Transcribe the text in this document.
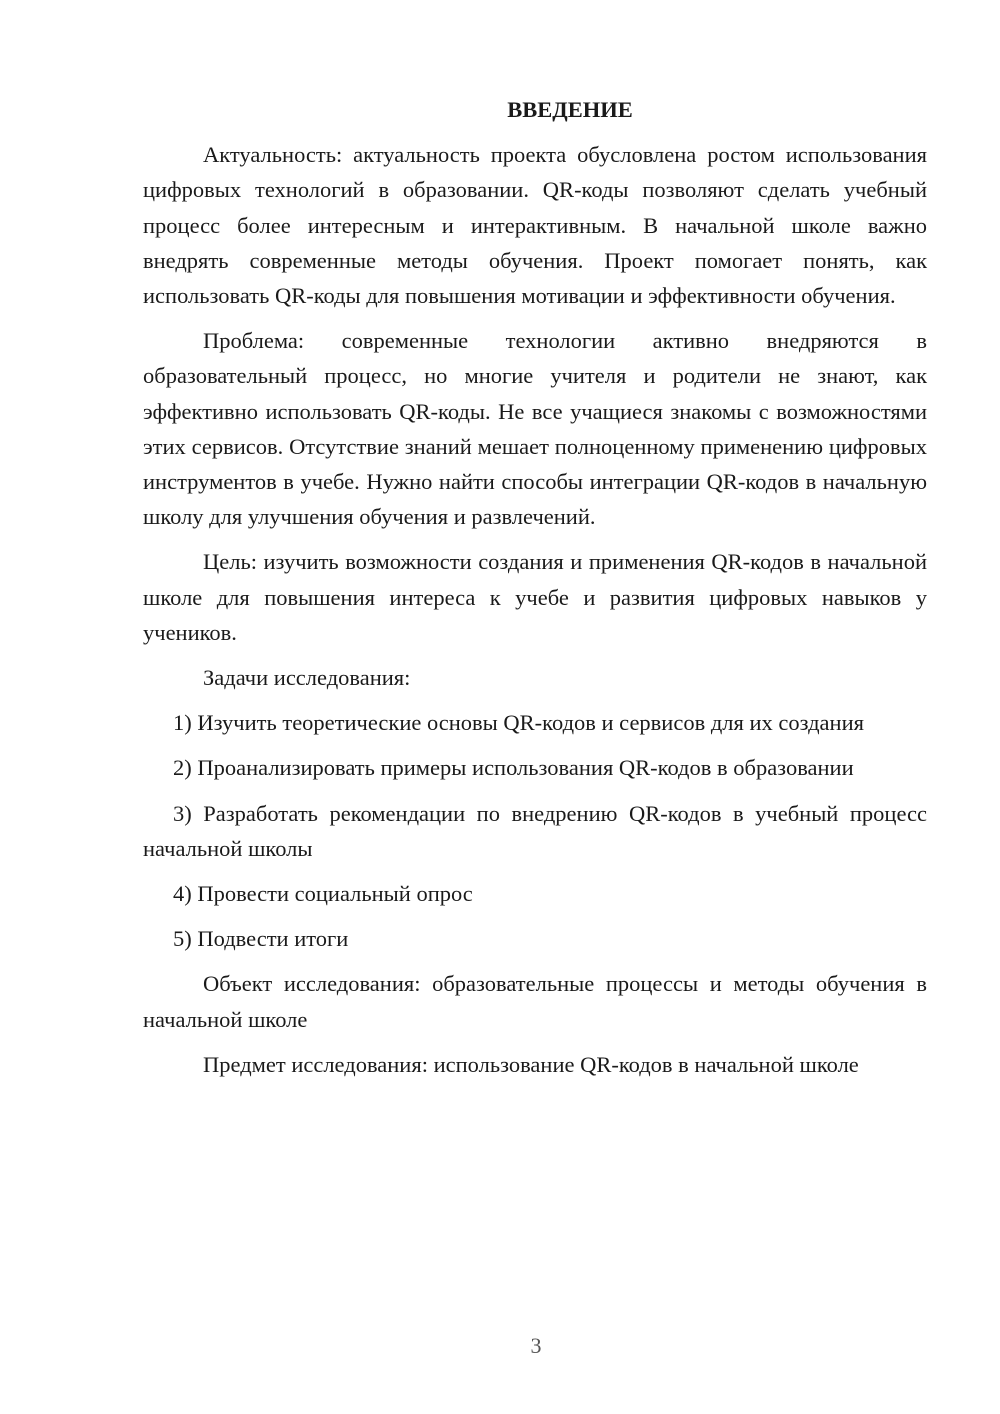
ВВЕДЕНИЕ

Актуальность: актуальность проекта обусловлена ростом использования цифровых технологий в образовании. QR-коды позволяют сделать учебный процесс более интересным и интерактивным. В начальной школе важно внедрять современные методы обучения. Проект помогает понять, как использовать QR-коды для повышения мотивации и эффективности обучения.

Проблема: современные технологии активно внедряются в образовательный процесс, но многие учителя и родители не знают, как эффективно использовать QR-коды. Не все учащиеся знакомы с возможностями этих сервисов. Отсутствие знаний мешает полноценному применению цифровых инструментов в учебе. Нужно найти способы интеграции QR-кодов в начальную школу для улучшения обучения и развлечений.

Цель: изучить возможности создания и применения QR-кодов в начальной школе для повышения интереса к учебе и развития цифровых навыков у учеников.

Задачи исследования:

1) Изучить теоретические основы QR-кодов и сервисов для их создания

2) Проанализировать примеры использования QR-кодов в образовании

3) Разработать рекомендации по внедрению QR-кодов в учебный процесс начальной школы

4) Провести социальный опрос

5) Подвести итоги

Объект исследования: образовательные процессы и методы обучения в начальной школе

Предмет исследования: использование QR-кодов в начальной школе

3
